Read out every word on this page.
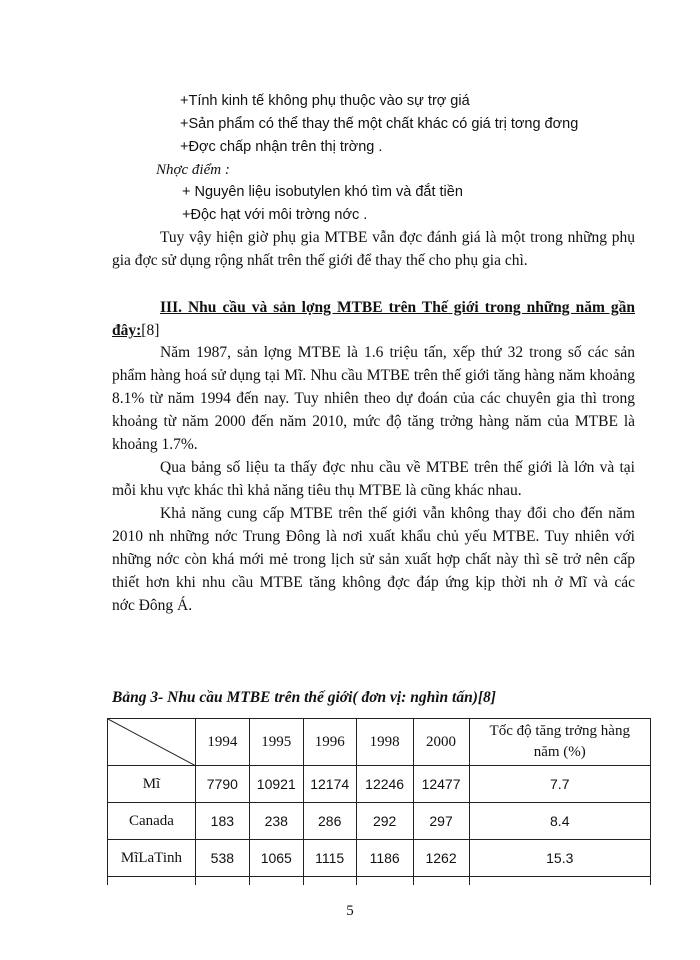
+Tính kinh tế không phụ thuộc vào sự trợ giá
+Sản phẩm có thể thay thế một chất khác có giá trị tơng đơng
+Đợc chấp nhận trên thị trờng .
Nhợc điểm :
+ Nguyên liệu isobutylen khó tìm và đắt tiền
+Độc hạt với môi trờng nớc .
Tuy vậy hiện giờ phụ gia MTBE vẫn đợc đánh giá là một trong những phụ
gia đợc sử dụng rộng nhất trên thế giới để thay thế cho phụ gia chì.
III. Nhu cầu và sản lợng MTBE trên Thế giới trong những năm gần
đây:[8]
Năm 1987, sản lợng MTBE là 1.6 triệu tấn, xếp thứ 32 trong số các sản
phẩm hàng hoá sử dụng tại Mĩ. Nhu cầu MTBE trên thế giới tăng hàng năm khoảng
8.1% từ năm 1994 đến nay. Tuy nhiên theo dự đoán của các chuyên gia thì trong
khoảng từ năm 2000 đến năm 2010, mức độ tăng trởng hàng năm của MTBE là
khoảng 1.7%.
Qua bảng số liệu ta thấy đợc nhu cầu về MTBE trên thế giới là lớn và tại
mỗi khu vực khác thì khả năng tiêu thụ MTBE là cũng khác nhau.
Khả năng cung cấp MTBE trên thế giới vẫn không thay đổi cho đến năm
2010 nh những nớc Trung Đông là nơi xuất khẩu chủ yếu MTBE. Tuy nhiên với
những nớc còn khá mới mẻ trong lịch sử sản xuất hợp chất này thì sẽ trở nên cấp
thiết hơn khi nhu cầu MTBE tăng không đợc đáp ứng kịp thời nh ở Mĩ và các
nớc Đông Á.
Bảng 3- Nhu cầu MTBE trên thế giới( đơn vị: nghìn tấn)[8]
	1994	1995	1996	1998	2000	Tốc độ tăng trởng hàng
năm (%)

Mĩ	7790	10921	12174	12246	12477	7.7
Canada	183	238	286	292	297	8.4
MĩLaTinh	538	1065	1115	1186	1262	15.3

5
